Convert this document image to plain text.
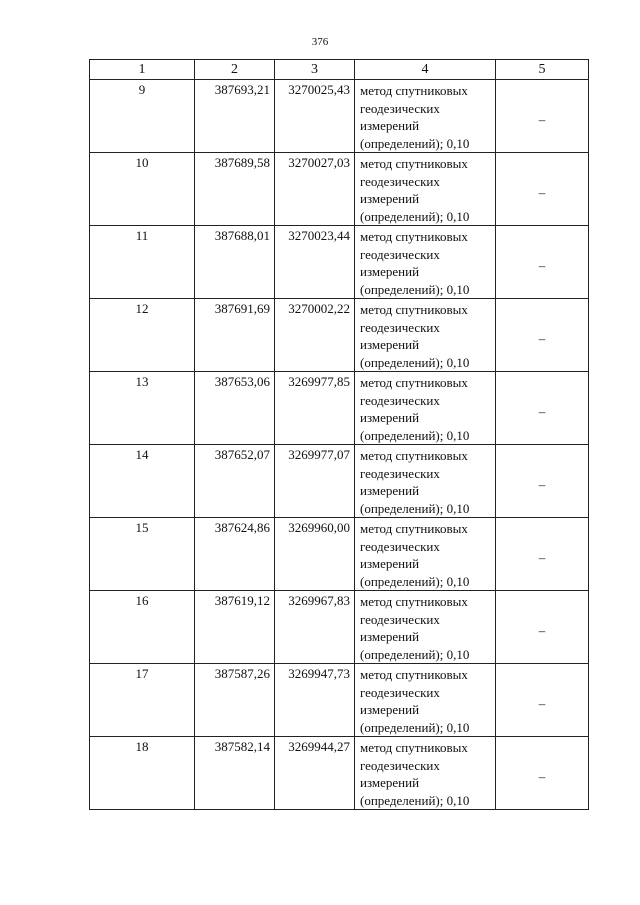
376
1	2	3	4	5
9	387693,21	3270025,43	метод спутниковых
геодезических
измерений
(определений); 0,10	–
10	387689,58	3270027,03	метод спутниковых
геодезических
измерений
(определений); 0,10	–
11	387688,01	3270023,44	метод спутниковых
геодезических
измерений
(определений); 0,10	–
12	387691,69	3270002,22	метод спутниковых
геодезических
измерений
(определений); 0,10	–
13	387653,06	3269977,85	метод спутниковых
геодезических
измерений
(определений); 0,10	–
14	387652,07	3269977,07	метод спутниковых
геодезических
измерений
(определений); 0,10	–
15	387624,86	3269960,00	метод спутниковых
геодезических
измерений
(определений); 0,10	–
16	387619,12	3269967,83	метод спутниковых
геодезических
измерений
(определений); 0,10	–
17	387587,26	3269947,73	метод спутниковых
геодезических
измерений
(определений); 0,10	–
18	387582,14	3269944,27	метод спутниковых
геодезических
измерений
(определений); 0,10	–
